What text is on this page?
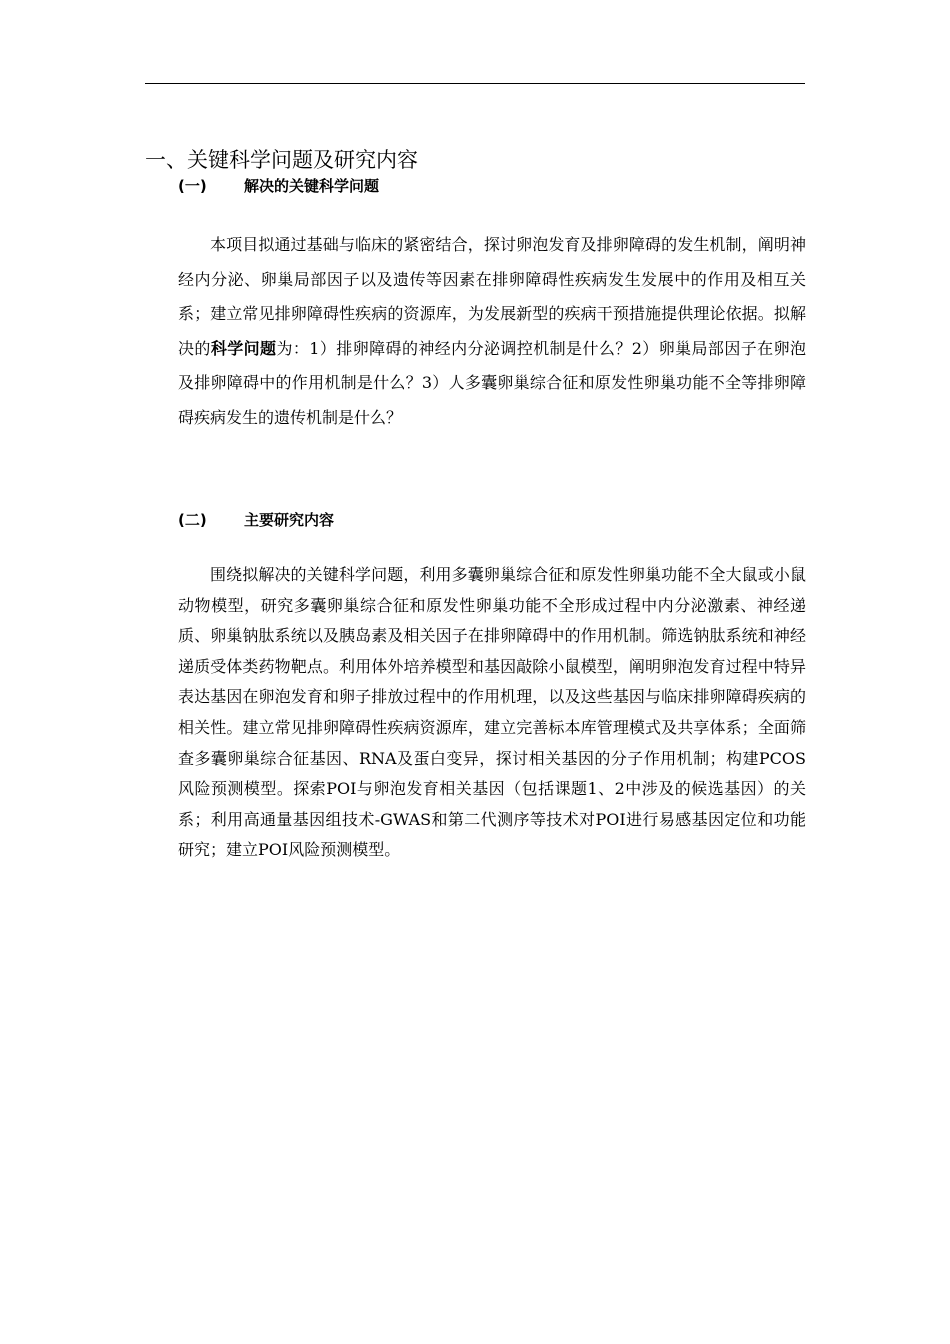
一、关键科学问题及研究内容
(一) 解决的关键科学问题

本项目拟通过基础与临床的紧密结合，探讨卵泡发育及排卵障碍的发生机制，阐明神经内分泌、卵巢局部因子以及遗传等因素在排卵障碍性疾病发生发展中的作用及相互关系；建立常见排卵障碍性疾病的资源库，为发展新型的疾病干预措施提供理论依据。拟解决的科学问题为：1）排卵障碍的神经内分泌调控机制是什么？2）卵巢局部因子在卵泡及排卵障碍中的作用机制是什么？3）人多囊卵巢综合征和原发性卵巢功能不全等排卵障碍疾病发生的遗传机制是什么？

(二) 主要研究内容

围绕拟解决的关键科学问题，利用多囊卵巢综合征和原发性卵巢功能不全大鼠或小鼠动物模型，研究多囊卵巢综合征和原发性卵巢功能不全形成过程中内分泌激素、神经递质、卵巢钠肽系统以及胰岛素及相关因子在排卵障碍中的作用机制。筛选钠肽系统和神经递质受体类药物靶点。利用体外培养模型和基因敲除小鼠模型，阐明卵泡发育过程中特异表达基因在卵泡发育和卵子排放过程中的作用机理，以及这些基因与临床排卵障碍疾病的相关性。建立常见排卵障碍性疾病资源库，建立完善标本库管理模式及共享体系；全面筛查多囊卵巢综合征基因、RNA及蛋白变异，探讨相关基因的分子作用机制；构建PCOS风险预测模型。探索POI与卵泡发育相关基因（包括课题1、2中涉及的候选基因）的关系；利用高通量基因组技术-GWAS和第二代测序等技术对POI进行易感基因定位和功能研究；建立POI风险预测模型。
